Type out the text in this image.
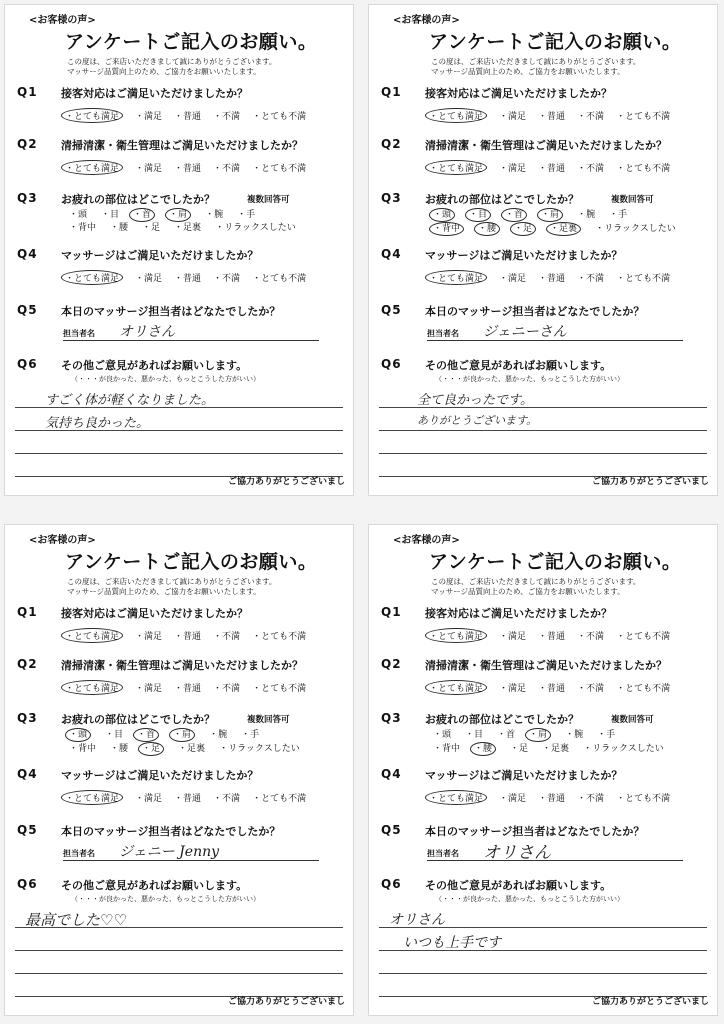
<お客様の声>
アンケートご記入のお願い。
この度は、ご来店いただきまして誠にありがとうございます。
マッサージ品質向上のため、ご協力をお願いいたします。
Q1 接客対応はご満足いただけましたか？
・とても満足 ・満足 ・普通 ・不満 ・とても不満
Q2 清掃清潔・衛生管理はご満足いただけましたか？
・とても満足 ・満足 ・普通 ・不満 ・とても不満
Q3 お疲れの部位はどこでしたか？	複数回答可
・頭 ・目 ・首 ・肩 ・腕 ・手
・背中 ・腰 ・足 ・足裏 ・リラックスしたい
Q4 マッサージはご満足いただけましたか？
・とても満足 ・満足 ・普通 ・不満 ・とても不満
Q5 本日のマッサージ担当者はどなたでしたか？
担当者名 オリさん
Q6 その他ご意見があればお願いします。
（・・・が良かった、悪かった、もっとこうした方がいい）
すごく体が軽くなりました。
気持ち良かった。
ご協力ありがとうございまし
<お客様の声>
アンケートご記入のお願い。
この度は、ご来店いただきまして誠にありがとうございます。
マッサージ品質向上のため、ご協力をお願いいたします。
Q1 接客対応はご満足いただけましたか？
・とても満足 ・満足 ・普通 ・不満 ・とても不満
Q2 清掃清潔・衛生管理はご満足いただけましたか？
・とても満足 ・満足 ・普通 ・不満 ・とても不満
Q3 お疲れの部位はどこでしたか？	複数回答可
・頭 ・目 ・首 ・肩 ・腕 ・手
・背中 ・腰 ・足 ・足裏 ・リラックスしたい
Q4 マッサージはご満足いただけましたか？
・とても満足 ・満足 ・普通 ・不満 ・とても不満
Q5 本日のマッサージ担当者はどなたでしたか？
担当者名 ジェニーさん
Q6 その他ご意見があればお願いします。
（・・・が良かった、悪かった、もっとこうした方がいい）
全て良かったです。
ありがとうございます。
ご協力ありがとうございまし
<お客様の声>
アンケートご記入のお願い。
この度は、ご来店いただきまして誠にありがとうございます。
マッサージ品質向上のため、ご協力をお願いいたします。
Q1 接客対応はご満足いただけましたか？
・とても満足 ・満足 ・普通 ・不満 ・とても不満
Q2 清掃清潔・衛生管理はご満足いただけましたか？
・とても満足 ・満足 ・普通 ・不満 ・とても不満
Q3 お疲れの部位はどこでしたか？	複数回答可
・頭 ・目 ・首 ・肩 ・腕 ・手
・背中 ・腰 ・足 ・足裏 ・リラックスしたい
Q4 マッサージはご満足いただけましたか？
・とても満足 ・満足 ・普通 ・不満 ・とても不満
Q5 本日のマッサージ担当者はどなたでしたか？
担当者名 ジェニー Jenny
Q6 その他ご意見があればお願いします。
（・・・が良かった、悪かった、もっとこうした方がいい）
最高でした♡♡
ご協力ありがとうございまし
<お客様の声>
アンケートご記入のお願い。
この度は、ご来店いただきまして誠にありがとうございます。
マッサージ品質向上のため、ご協力をお願いいたします。
Q1 接客対応はご満足いただけましたか？
・とても満足 ・満足 ・普通 ・不満 ・とても不満
Q2 清掃清潔・衛生管理はご満足いただけましたか？
・とても満足 ・満足 ・普通 ・不満 ・とても不満
Q3 お疲れの部位はどこでしたか？	複数回答可
・頭 ・目 ・首 ・肩 ・腕 ・手
・背中 ・腰 ・足 ・足裏 ・リラックスしたい
Q4 マッサージはご満足いただけましたか？
・とても満足 ・満足 ・普通 ・不満 ・とても不満
Q5 本日のマッサージ担当者はどなたでしたか？
担当者名 オリさん
Q6 その他ご意見があればお願いします。
（・・・が良かった、悪かった、もっとこうした方がいい）
オリさん
いつも上手です
ご協力ありがとうございまし
